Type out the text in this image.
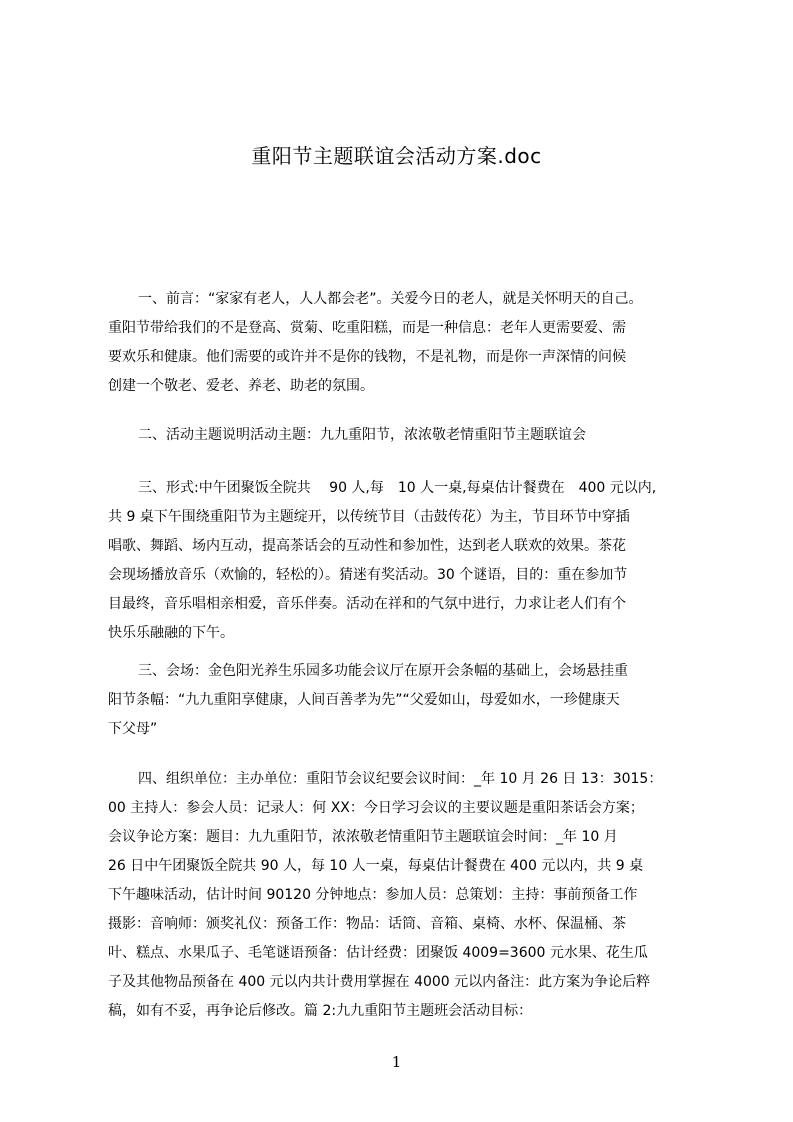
重阳节主题联谊会活动方案.doc
一、前言：“家家有老人，人人都会老”。关爱今日的老人，就是关怀明天的自己。
重阳节带给我们的不是登高、赏菊、吃重阳糕，而是一种信息：老年人更需要爱、需
要欢乐和健康。他们需要的或许并不是你的钱物，不是礼物，而是你一声深情的问候
创建一个敬老、爱老、养老、助老的氛围。
二、活动主题说明活动主题：九九重阳节，浓浓敬老情重阳节主题联谊会
三、形式:中午团聚饭全院共　 90 人,每　10 人一桌,每桌估计餐费在　400 元以内,
共 9 桌下午围绕重阳节为主题绽开，以传统节目（击鼓传花）为主，节目环节中穿插
唱歌、舞蹈、场内互动，提高茶话会的互动性和参加性，达到老人联欢的效果。茶花
会现场播放音乐（欢愉的，轻松的）。猜迷有奖活动。30 个谜语，目的：重在参加节
目最终，音乐唱相亲相爱，音乐伴奏。活动在祥和的气氛中进行，力求让老人们有个
快乐乐融融的下午。
三、会场：金色阳光养生乐园多功能会议厅在原开会条幅的基础上，会场悬挂重
阳节条幅：“九九重阳享健康，人间百善孝为先”“父爱如山，母爱如水，一珍健康天
下父母”
四、组织单位：主办单位：重阳节会议纪要会议时间：_年 10 月 26 日 13：3015：
00 主持人：参会人员：记录人：何 XX：今日学习会议的主要议题是重阳茶话会方案；
会议争论方案：题目：九九重阳节，浓浓敬老情重阳节主题联谊会时间：_年 10 月
26 日中午团聚饭全院共 90 人，每 10 人一桌，每桌估计餐费在 400 元以内，共 9 桌
下午趣味活动，估计时间 90120 分钟地点：参加人员：总策划：主持：事前预备工作
摄影：音响师：颁奖礼仪：预备工作：物品：话筒、音箱、桌椅、水杯、保温桶、茶
叶、糕点、水果瓜子、毛笔谜语预备：估计经费：团聚饭 4009=3600 元水果、花生瓜
子及其他物品预备在 400 元以内共计费用掌握在 4000 元以内备注：此方案为争论后粹
稿，如有不妥，再争论后修改。篇 2:九九重阳节主题班会活动目标：
1
